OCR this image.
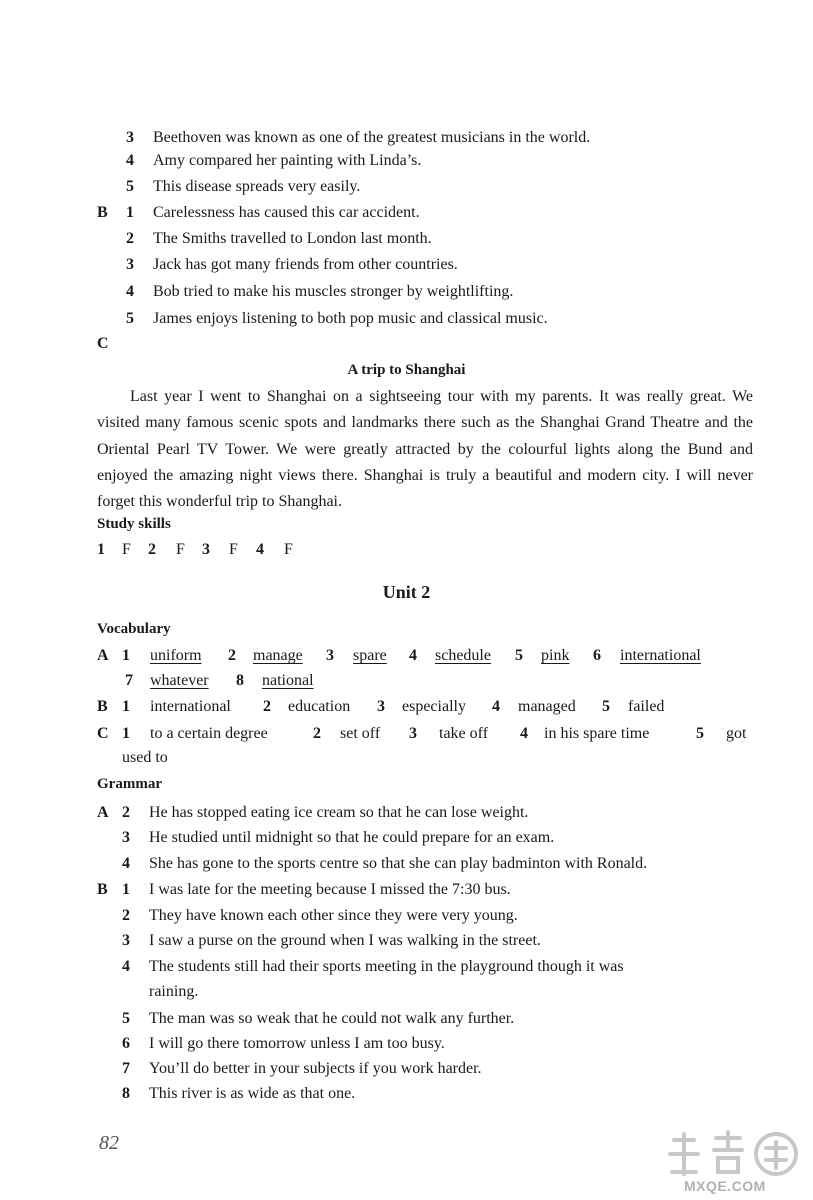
3 Beethoven was known as one of the greatest musicians in the world.
4 Amy compared her painting with Linda’s.
5 This disease spreads very easily.
B 1 Carelessness has caused this car accident.
2 The Smiths travelled to London last month.
3 Jack has got many friends from other countries.
4 Bob tried to make his muscles stronger by weightlifting.
5 James enjoys listening to both pop music and classical music.
C
A trip to Shanghai

Last year I went to Shanghai on a sightseeing tour with my parents. It was really great. We visited many famous scenic spots and landmarks there such as the Shanghai Grand Theatre and the Oriental Pearl TV Tower. We were greatly attracted by the colourful lights along the Bund and enjoyed the amazing night views there. Shanghai is truly a beautiful and modern city. I will never forget this wonderful trip to Shanghai.

Study skills
1 F 2 F 3 F 4 F
Unit 2
Vocabulary
A 1 uniform 2 manage 3 spare 4 schedule 5 pink 6 international
7 whatever 8 national
B 1 international 2 education 3 especially 4 managed 5 failed
C 1 to a certain degree	2 set off 3 take off 4 in his spare time	5 got
used to
Grammar
A 2 He has stopped eating ice cream so that he can lose weight.
3 He studied until midnight so that he could prepare for an exam.
4 She has gone to the sports centre so that she can play badminton with Ronald.
B 1 I was late for the meeting because I missed the 7:30 bus.
2 They have known each other since they were very young.
3 I saw a purse on the ground when I was walking in the street.
4 The students still had their sports meeting in the playground though it was
raining.
5 The man was so weak that he could not walk any further.
6 I will go there tomorrow unless I am too busy.
7 You’ll do better in your subjects if you work harder.
8 This river is as wide as that one.
82
MXQE.COM
